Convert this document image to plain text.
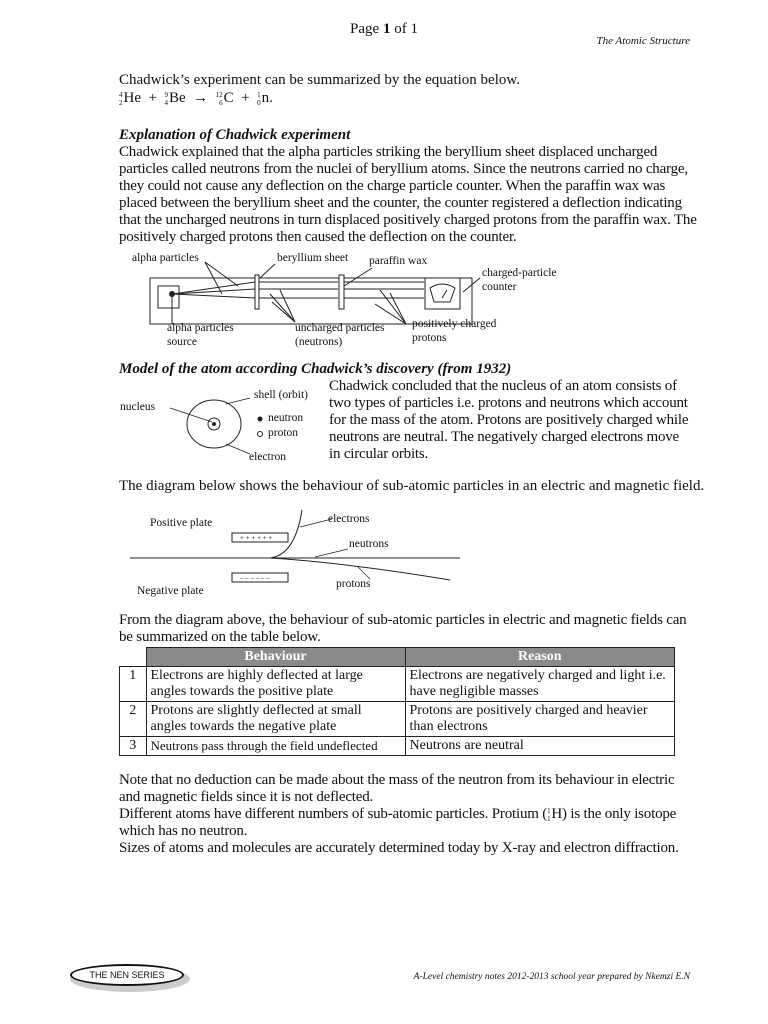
Page 1 of 1
The Atomic Structure
Chadwick’s experiment can be summarized by the equation below.
4
2 He + 9
4 Be → 12
6 C + 1
0 n.
Explanation of Chadwick experiment
Chadwick explained that the alpha particles striking the beryllium sheet displaced uncharged particles called neutrons from the nuclei of beryllium atoms. Since the neutrons carried no charge, they could not cause any deflection on the charge particle counter. When the paraffin wax was placed between the beryllium sheet and the counter, the counter registered a deflection indicating that the uncharged neutrons in turn displaced positively charged protons from the paraffin wax. The positively charged protons then caused the deflection on the counter.
alpha particles	beryllium sheet paraffin wax
charged-particle
counter
alpha particles
source
uncharged particles
(neutrons)
positively charged
protons
Model of the atom according Chadwick’s discovery (from 1932)
Chadwick concluded that the nucleus of an atom consists of two types of particles i.e. protons and neutrons which account for the mass of the atom. Protons are positively charged while neutrons are neutral. The negatively charged electrons move in circular orbits.
shell (orbit)
nucleus
neutron
proton
electron
The diagram below shows the behaviour of sub-atomic particles in an electric and magnetic field.
+ + + + + +
– – – – – –
Positive plate
Negative plate
electrons
neutrons
protons
From the diagram above, the behaviour of sub-atomic particles in electric and magnetic fields can be summarized on the table below.
	Behaviour	Reason
1	Electrons are highly deflected at large angles towards the positive plate	Electrons are negatively charged and light i.e. have negligible masses
2	Protons are slightly deflected at small angles towards the negative plate	Protons are positively charged and heavier than electrons
3	Neutrons pass through the field undeflected	Neutrons are neutral
Note that no deduction can be made about the mass of the neutron from its behaviour in electric and magnetic fields since it is not deflected.
Different atoms have different numbers of sub-atomic particles. Protium ( 1
1 H) is the only isotope which has no neutron.
Sizes of atoms and molecules are accurately determined today by X-ray and electron diffraction.
THE NEN SERIES	A-Level chemistry notes 2012-2013 school year prepared by Nkemzi E.N
